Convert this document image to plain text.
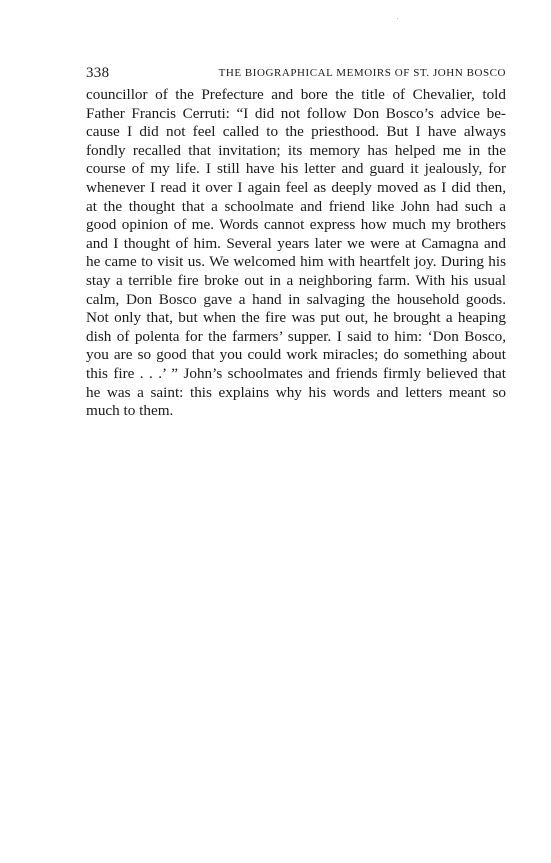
338	THE BIOGRAPHICAL MEMOIRS OF ST. JOHN BOSCO
councillor of the Prefecture and bore the title of Chevalier, told
Father Francis Cerruti: “I did not follow Don Bosco’s advice be-
cause I did not feel called to the priesthood. But I have always
fondly recalled that invitation; its memory has helped me in the
course of my life. I still have his letter and guard it jealously, for
whenever I read it over I again feel as deeply moved as I did then,
at the thought that a schoolmate and friend like John had such a
good opinion of me. Words cannot express how much my brothers
and I thought of him. Several years later we were at Camagna and
he came to visit us. We welcomed him with heartfelt joy. During his
stay a terrible fire broke out in a neighboring farm. With his usual
calm, Don Bosco gave a hand in salvaging the household goods.
Not only that, but when the fire was put out, he brought a heaping
dish of polenta for the farmers’ supper. I said to him: ‘Don Bosco,
you are so good that you could work miracles; do something about
this fire . . .’ ” John’s schoolmates and friends firmly believed that
he was a saint: this explains why his words and letters meant so
much to them.
